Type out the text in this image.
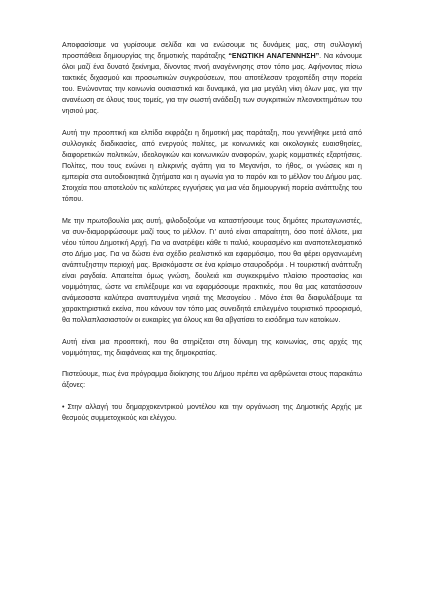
Αποφασίσαμε να γυρίσουμε σελίδα και να ενώσουμε τις δυνάμεις μας, στη συλλογική προσπάθεια δημιουργίας της δημοτικής παράταξης “ΕΝΩΤΙΚΗ ΑΝΑΓΕΝΝΗΣΗ”. Να κάνουμε όλοι μαζί ένα δυνατό ξεκίνημα, δίνοντας πνοή αναγέννησης στον τόπο μας. Αφήνοντας πίσω τακτικές διχασμού και προσωπικών συγκρούσεων, που αποτέλεσαν τροχοπέδη στην πορεία του. Ενώνοντας την κοινωνία ουσιαστικά και δυναμικά, για μια μεγάλη νίκη όλων μας, για την ανανέωση σε όλους τους τομείς, για την σωστή ανάδειξη των συγκριτικών πλεονεκτημάτων του νησιού μας.

Αυτή την προοπτική και ελπίδα εκφράζει η δημοτική μας παράταξη, που γεννήθηκε μετά από συλλογικές διαδικασίες, από ενεργούς πολίτες, με κοινωνικές και οικολογικές ευαισθησίες, διαφορετικών πολιτικών, ιδεολογικών και κοινωνικών αναφορών, χωρίς κομματικές εξαρτήσεις. Πολίτες, που τους ενώνει η ειλικρινής αγάπη για το Μεγανήσι, το ήθος, οι γνώσεις και η εμπειρία στα αυτοδιοικητικά ζητήματα και η αγωνία για το παρόν και το μέλλον του Δήμου μας. Στοιχεία που αποτελούν τις καλύτερες εγγυήσεις για μια νέα δημιουργική πορεία ανάπτυξης του τόπου.

Με την πρωτοβουλία μας αυτή, φιλοδοξούμε να καταστήσουμε τους δημότες πρωταγωνιστές, να συν-διαμορφώσουμε μαζί τους το μέλλον. Γι’ αυτό είναι απαραίτητη, όσο ποτέ άλλοτε, μια νέου τύπου Δημοτική Αρχή. Για να ανατρέψει κάθε τι παλιό, κουρασμένο και αναποτελεσματικό στο Δήμο μας. Για να δώσει ένα σχέδιο ρεαλιστικό και εφαρμόσιμο, που θα φέρει οργανωμένη ανάπτυξηστην περιοχή μας. Βρισκόμαστε σε ένα κρίσιμο σταυροδρόμι . Η τουριστική ανάπτυξη είναι ραγδαία. Απαιτείται όμως γνώση, δουλειά και συγκεκριμένο πλαίσιο προστασίας και νομιμότητας, ώστε να επιλέξουμε και να εφαρμόσουμε πρακτικές, που θα μας κατατάσσουν ανάμεσαστα καλύτερα αναπτυγμένα νησιά της Μεσογείου . Μόνο έτσι θα διαφυλάξουμε τα χαρακτηριστικά εκείνα, που κάνουν τον τόπο μας συνειδητά επιλεγμένο τουριστικό προορισμό, θα πολλαπλασιαστούν οι ευκαιρίες για όλους και θα αβγατίσει το εισόδημα των κατοίκων.

Αυτή είναι μια προοπτική, που θα στηρίζεται στη δύναμη της κοινωνίας, στις αρχές της νομιμότητας, της διαφάνειας και της δημοκρατίας.

Πιστεύουμε, πως ένα πρόγραμμα διοίκησης του Δήμου πρέπει να αρθρώνεται στους παρακάτω άξονες:

• Στην αλλαγή του δημαρχοκεντρικού μοντέλου και την οργάνωση της Δημοτικής Αρχής με θεσμούς συμμετοχικούς και ελέγχου.
